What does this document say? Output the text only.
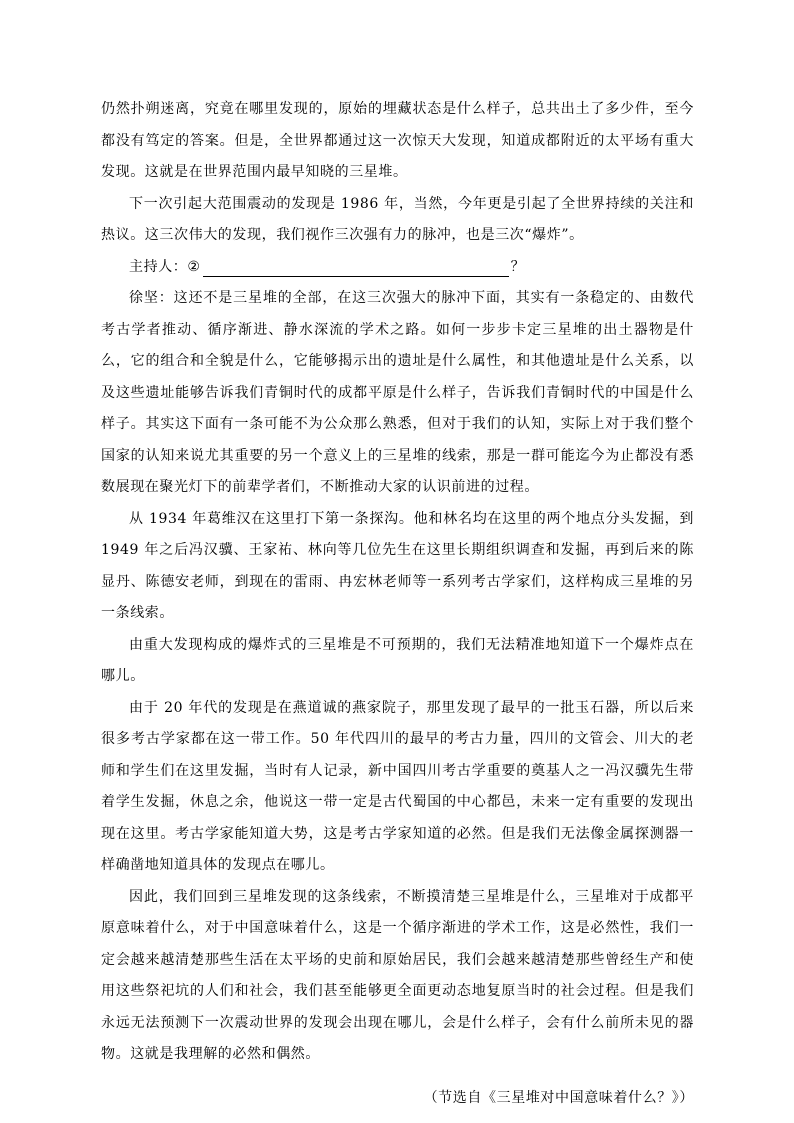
仍然扑朔迷离，究竟在哪里发现的，原始的埋藏状态是什么样子，总共出土了多少件，至今都没有笃定的答案。但是，全世界都通过这一次惊天大发现，知道成都附近的太平场有重大发现。这就是在世界范围内最早知晓的三星堆。

下一次引起大范围震动的发现是 1986 年，当然，今年更是引起了全世界持续的关注和热议。这三次伟大的发现，我们视作三次强有力的脉冲，也是三次“爆炸”。

主持人： ②	？

徐坚：这还不是三星堆的全部，在这三次强大的脉冲下面，其实有一条稳定的、由数代考古学者推动、循序渐进、静水深流的学术之路。如何一步步卡定三星堆的出土器物是什么，它的组合和全貌是什么，它能够揭示出的遗址是什么属性，和其他遗址是什么关系，以及这些遗址能够告诉我们青铜时代的成都平原是什么样子，告诉我们青铜时代的中国是什么样子。其实这下面有一条可能不为公众那么熟悉，但对于我们的认知，实际上对于我们整个国家的认知来说尤其重要的另一个意义上的三星堆的线索，那是一群可能迄今为止都没有悉数展现在聚光灯下的前辈学者们，不断推动大家的认识前进的过程。

从 1934 年葛维汉在这里打下第一条探沟。他和林名均在这里的两个地点分头发掘，到 1949 年之后冯汉骥、王家祐、林向等几位先生在这里长期组织调查和发掘，再到后来的陈显丹、陈德安老师，到现在的雷雨、冉宏林老师等一系列考古学家们，这样构成三星堆的另一条线索。

由重大发现构成的爆炸式的三星堆是不可预期的，我们无法精准地知道下一个爆炸点在哪儿。

由于 20 年代的发现是在燕道诚的燕家院子，那里发现了最早的一批玉石器，所以后来很多考古学家都在这一带工作。50 年代四川的最早的考古力量，四川的文管会、川大的老师和学生们在这里发掘，当时有人记录，新中国四川考古学重要的奠基人之一冯汉骥先生带着学生发掘，休息之余，他说这一带一定是古代蜀国的中心都邑，未来一定有重要的发现出现在这里。考古学家能知道大势，这是考古学家知道的必然。但是我们无法像金属探测器一样确凿地知道具体的发现点在哪儿。

因此，我们回到三星堆发现的这条线索，不断摸清楚三星堆是什么，三星堆对于成都平原意味着什么，对于中国意味着什么，这是一个循序渐进的学术工作，这是必然性，我们一定会越来越清楚那些生活在太平场的史前和原始居民，我们会越来越清楚那些曾经生产和使用这些祭祀坑的人们和社会，我们甚至能够更全面更动态地复原当时的社会过程。但是我们永远无法预测下一次震动世界的发现会出现在哪儿，会是什么样子，会有什么前所未见的器物。这就是我理解的必然和偶然。

（节选自《三星堆对中国意味着什么？》）
